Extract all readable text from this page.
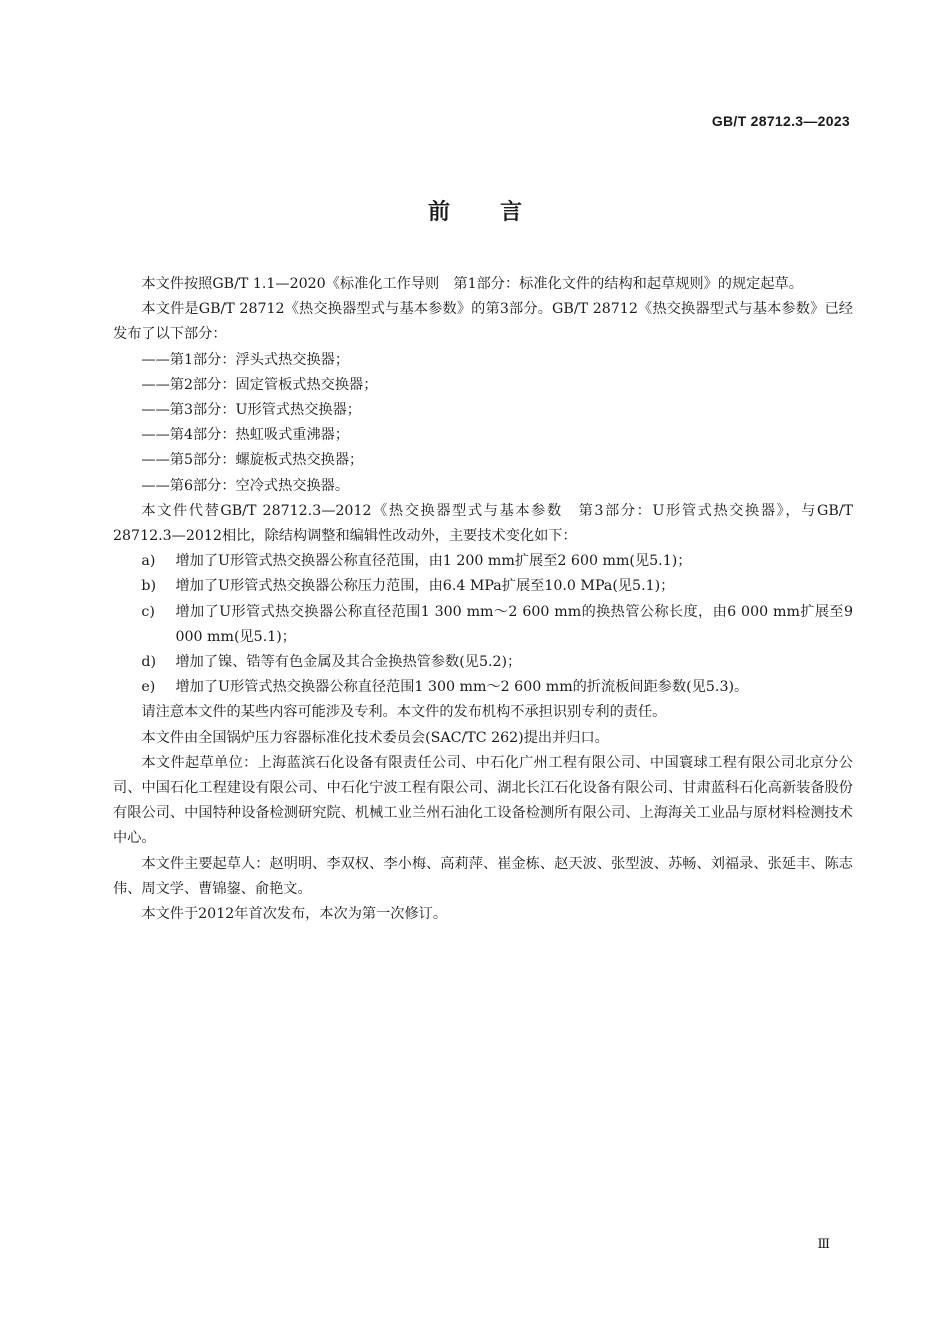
GB/T 28712.3—2023
前言

本文件按照GB/T 1.1—2020《标准化工作导则　第1部分：标准化文件的结构和起草规则》的规定起草。

本文件是GB/T 28712《热交换器型式与基本参数》的第3部分。GB/T 28712《热交换器型式与基本参数》已经发布了以下部分：

——第1部分：浮头式热交换器；

——第2部分：固定管板式热交换器；

——第3部分：U形管式热交换器；

——第4部分：热虹吸式重沸器；

——第5部分：螺旋板式热交换器；

——第6部分：空冷式热交换器。

本文件代替GB/T 28712.3—2012《热交换器型式与基本参数　第3部分：U形管式热交换器》，与GB/T 28712.3—2012相比，除结构调整和编辑性改动外，主要技术变化如下：

a)	增加了U形管式热交换器公称直径范围，由1 200 mm扩展至2 600 mm(见5.1)；
b)	增加了U形管式热交换器公称压力范围，由6.4 MPa扩展至10.0 MPa(见5.1)；
c)	增加了U形管式热交换器公称直径范围1 300 mm～2 600 mm的换热管公称长度，由6 000 mm扩展至9 000 mm(见5.1)；
d)	增加了镍、锆等有色金属及其合金换热管参数(见5.2)；
e)	增加了U形管式热交换器公称直径范围1 300 mm～2 600 mm的折流板间距参数(见5.3)。

请注意本文件的某些内容可能涉及专利。本文件的发布机构不承担识别专利的责任。

本文件由全国锅炉压力容器标准化技术委员会(SAC/TC 262)提出并归口。

本文件起草单位：上海蓝滨石化设备有限责任公司、中石化广州工程有限公司、中国寰球工程有限公司北京分公司、中国石化工程建设有限公司、中石化宁波工程有限公司、湖北长江石化设备有限公司、甘肃蓝科石化高新装备股份有限公司、中国特种设备检测研究院、机械工业兰州石油化工设备检测所有限公司、上海海关工业品与原材料检测技术中心。

本文件主要起草人：赵明明、李双权、李小梅、高莉萍、崔金栋、赵天波、张型波、苏畅、刘福录、张延丰、陈志伟、周文学、曹锦鋆、俞艳文。

本文件于2012年首次发布，本次为第一次修订。

Ⅲ
